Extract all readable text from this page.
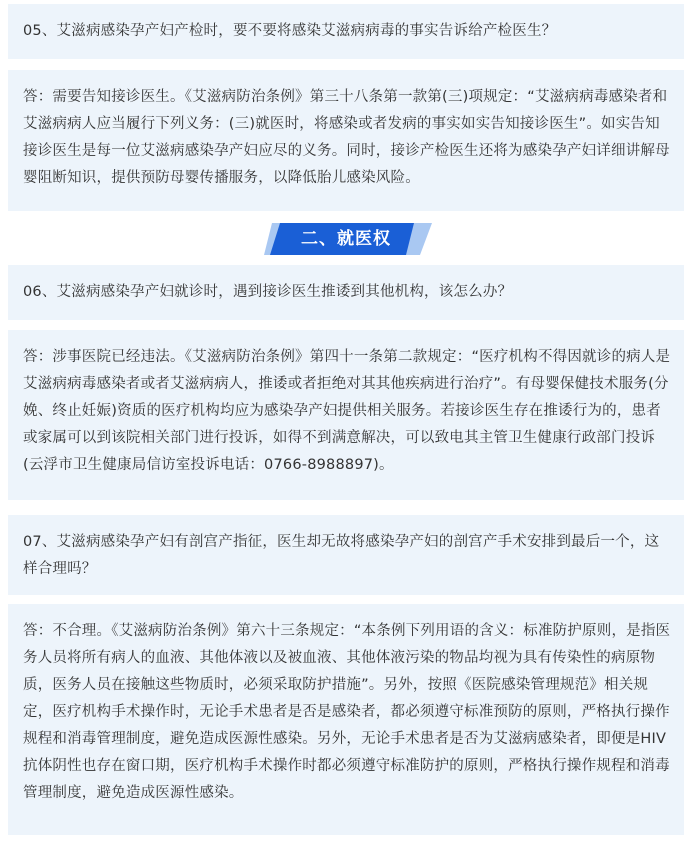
05、艾滋病感染孕产妇产检时，要不要将感染艾滋病病毒的事实告诉给产检医生？

答：需要告知接诊医生。《艾滋病防治条例》第三十八条第一款第(三)项规定：“艾滋病病毒感染者和艾滋病病人应当履行下列义务：(三)就医时，将感染或者发病的事实如实告知接诊医生”。如实告知接诊医生是每一位艾滋病感染孕产妇应尽的义务。同时，接诊产检医生还将为感染孕产妇详细讲解母婴阻断知识，提供预防母婴传播服务，以降低胎儿感染风险。

二、就医权

06、艾滋病感染孕产妇就诊时，遇到接诊医生推诿到其他机构，该怎么办？

答：涉事医院已经违法。《艾滋病防治条例》第四十一条第二款规定：“医疗机构不得因就诊的病人是艾滋病病毒感染者或者艾滋病病人，推诿或者拒绝对其其他疾病进行治疗”。有母婴保健技术服务(分娩、终止妊娠)资质的医疗机构均应为感染孕产妇提供相关服务。若接诊医生存在推诿行为的，患者或家属可以到该院相关部门进行投诉，如得不到满意解决，可以致电其主管卫生健康行政部门投诉(云浮市卫生健康局信访室投诉电话：0766-8988897)。

07、艾滋病感染孕产妇有剖宫产指征，医生却无故将感染孕产妇的剖宫产手术安排到最后一个，这样合理吗？

答：不合理。《艾滋病防治条例》第六十三条规定：“本条例下列用语的含义：标准防护原则，是指医务人员将所有病人的血液、其他体液以及被血液、其他体液污染的物品均视为具有传染性的病原物质，医务人员在接触这些物质时，必须采取防护措施”。另外，按照《医院感染管理规范》相关规定，医疗机构手术操作时，无论手术患者是否是感染者，都必须遵守标准预防的原则，严格执行操作规程和消毒管理制度，避免造成医源性感染。另外，无论手术患者是否为艾滋病感染者，即便是HIV抗体阴性也存在窗口期，医疗机构手术操作时都必须遵守标准防护的原则，严格执行操作规程和消毒管理制度，避免造成医源性感染。
